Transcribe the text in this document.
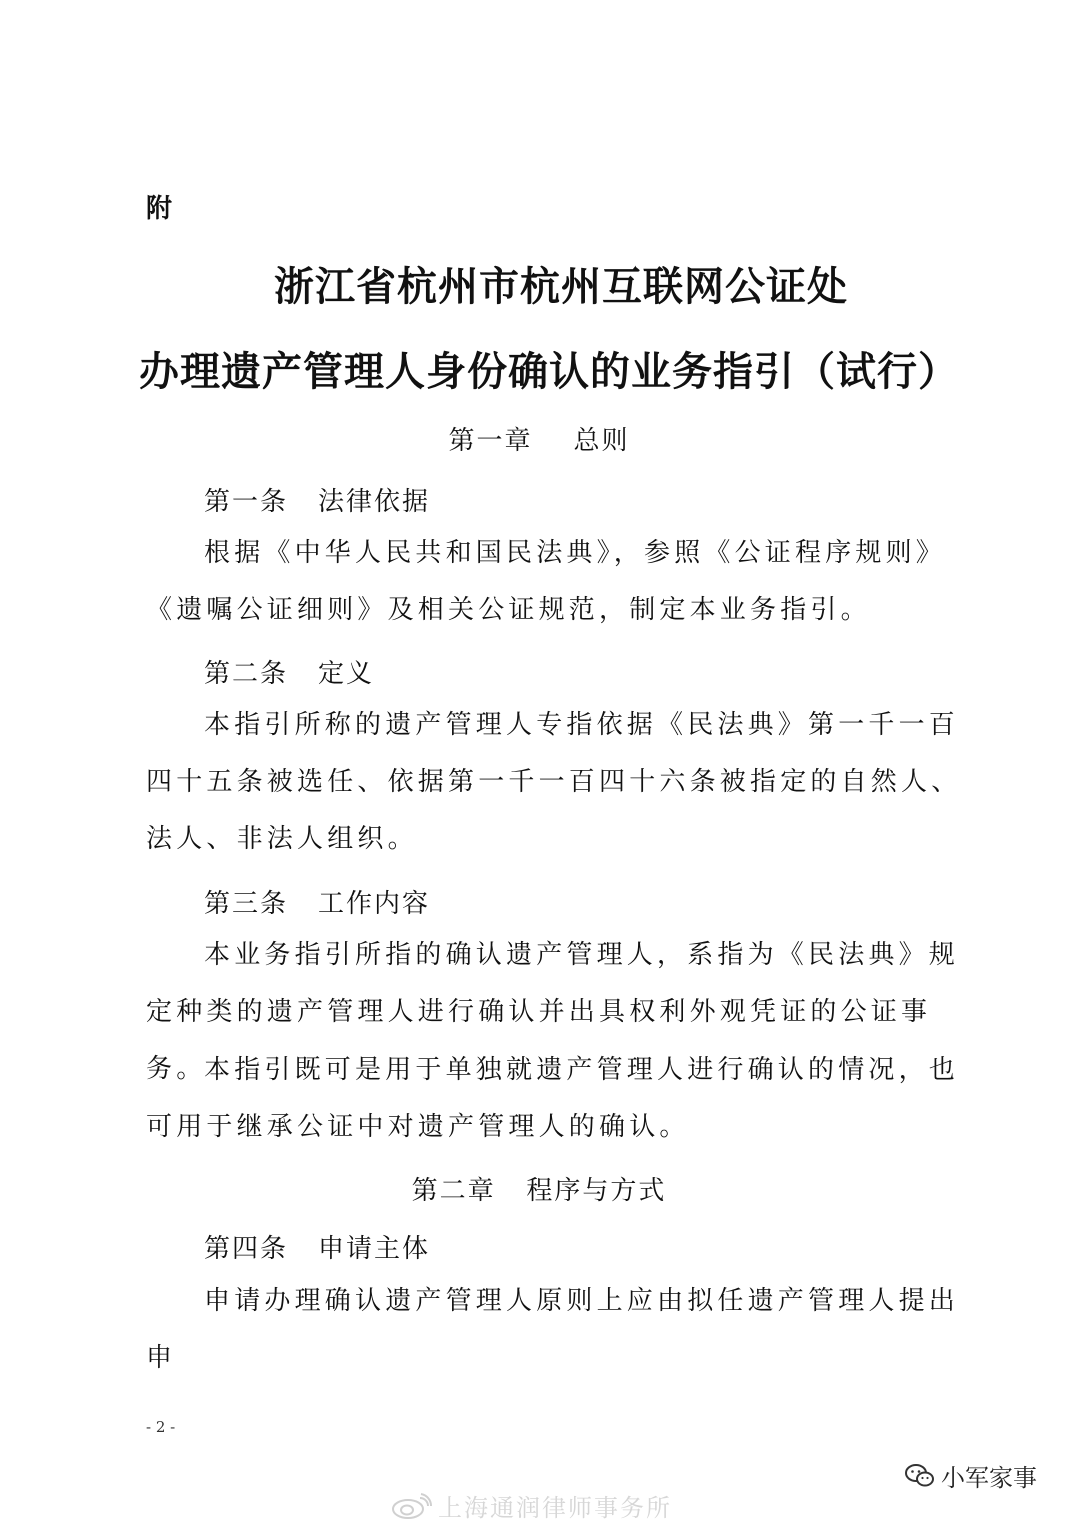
附
浙江省杭州市杭州互联网公证处
办理遗产管理人身份确认的业务指引（试行）
第一章 总则
第一条 法律依据
根据《中华人民共和国民法典》，参照《公证程序规则》《遗嘱公证细则》及相关公证规范，制定本业务指引。
第二条 定义
本指引所称的遗产管理人专指依据《民法典》第一千一百四十五条被选任、依据第一千一百四十六条被指定的自然人、法人、非法人组织。
第三条 工作内容
本业务指引所指的确认遗产管理人，系指为《民法典》规定种类的遗产管理人进行确认并出具权利外观凭证的公证事务。
本指引既可是用于单独就遗产管理人进行确认的情况，也可用于继承公证中对遗产管理人的确认。
第二章 程序与方式
第四条 申请主体
申请办理确认遗产管理人原则上应由拟任遗产管理人提出申
- 2 -
小军家事
上海通润律师事务所
